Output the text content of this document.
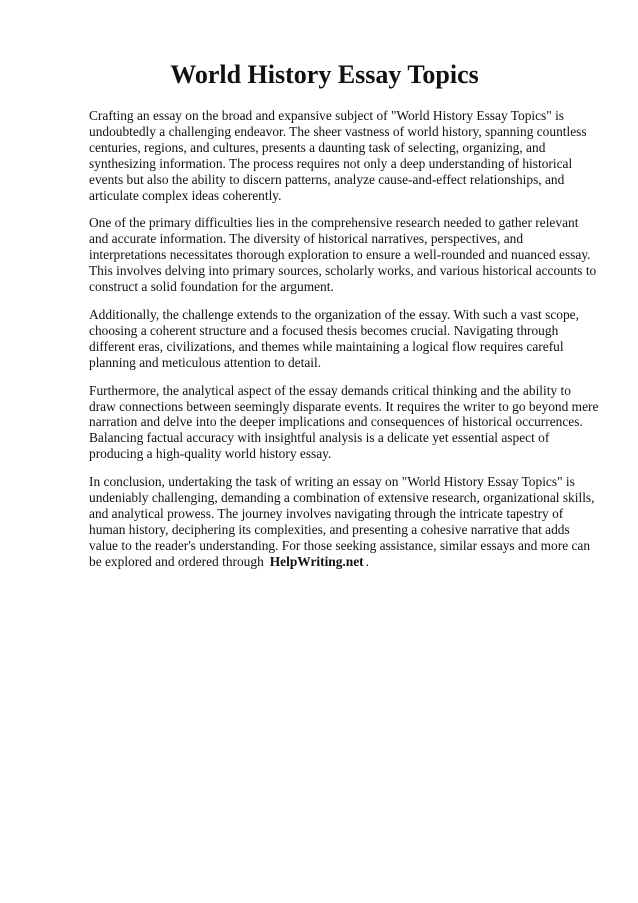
World History Essay Topics

Crafting an essay on the broad and expansive subject of "World History Essay Topics" is undoubtedly a challenging endeavor. The sheer vastness of world history, spanning countless centuries, regions, and cultures, presents a daunting task of selecting, organizing, and synthesizing information. The process requires not only a deep understanding of historical events but also the ability to discern patterns, analyze cause-and-effect relationships, and articulate complex ideas coherently.

One of the primary difficulties lies in the comprehensive research needed to gather relevant and accurate information. The diversity of historical narratives, perspectives, and interpretations necessitates thorough exploration to ensure a well-rounded and nuanced essay. This involves delving into primary sources, scholarly works, and various historical accounts to construct a solid foundation for the argument.

Additionally, the challenge extends to the organization of the essay. With such a vast scope, choosing a coherent structure and a focused thesis becomes crucial. Navigating through different eras, civilizations, and themes while maintaining a logical flow requires careful planning and meticulous attention to detail.

Furthermore, the analytical aspect of the essay demands critical thinking and the ability to draw connections between seemingly disparate events. It requires the writer to go beyond mere narration and delve into the deeper implications and consequences of historical occurrences. Balancing factual accuracy with insightful analysis is a delicate yet essential aspect of producing a high-quality world history essay.

In conclusion, undertaking the task of writing an essay on "World History Essay Topics" is undeniably challenging, demanding a combination of extensive research, organizational skills, and analytical prowess. The journey involves navigating through the intricate tapestry of human history, deciphering its complexities, and presenting a cohesive narrative that adds value to the reader's understanding. For those seeking assistance, similar essays and more can be explored and ordered through HelpWriting.net .
